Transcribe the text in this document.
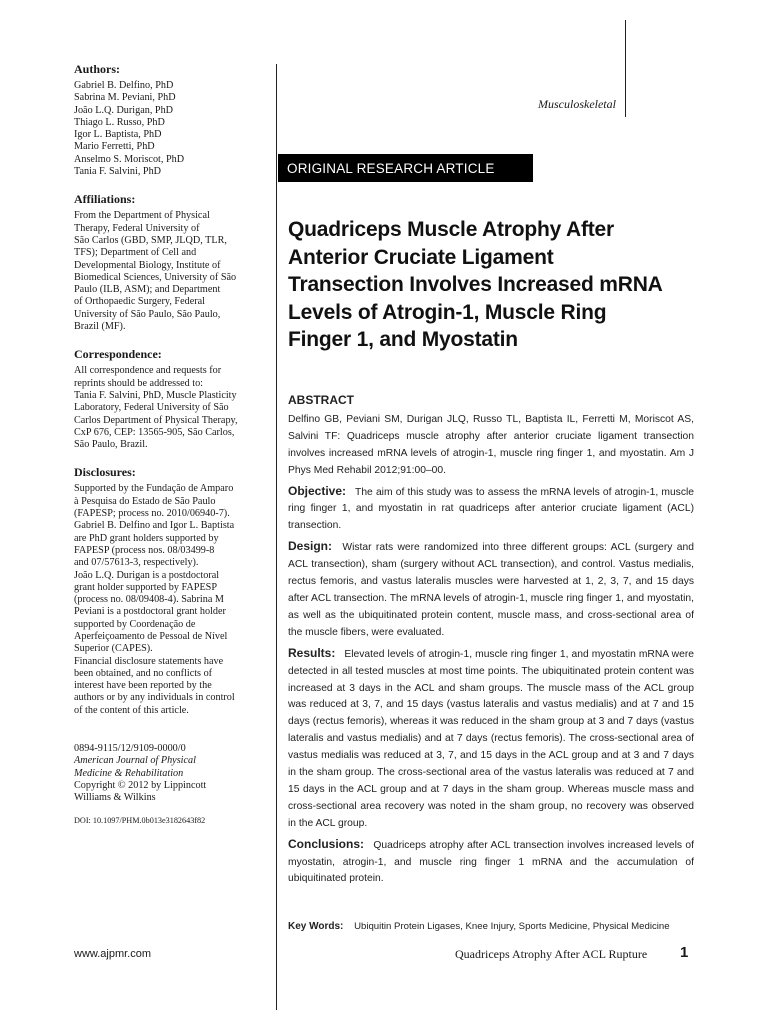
Authors:
Gabriel B. Delfino, PhD
Sabrina M. Peviani, PhD
João L.Q. Durigan, PhD
Thiago L. Russo, PhD
Igor L. Baptista, PhD
Mario Ferretti, PhD
Anselmo S. Moriscot, PhD
Tania F. Salvini, PhD
Affiliations:
From the Department of Physical
Therapy, Federal University of
São Carlos (GBD, SMP, JLQD, TLR,
TFS); Department of Cell and
Developmental Biology, Institute of
Biomedical Sciences, University of São
Paulo (ILB, ASM); and Department
of Orthopaedic Surgery, Federal
University of São Paulo, São Paulo,
Brazil (MF).
Correspondence:
All correspondence and requests for
reprints should be addressed to:
Tania F. Salvini, PhD, Muscle Plasticity
Laboratory, Federal University of São
Carlos Department of Physical Therapy,
CxP 676, CEP: 13565-905, São Carlos,
São Paulo, Brazil.
Disclosures:
Supported by the Fundação de Amparo
à Pesquisa do Estado de São Paulo
(FAPESP; process no. 2010/06940-7).
Gabriel B. Delfino and Igor L. Baptista
are PhD grant holders supported by
FAPESP (process nos. 08/03499-8
and 07/57613-3, respectively).
João L.Q. Durigan is a postdoctoral
grant holder supported by FAPESP
(process no. 08/09408-4). Sabrina M
Peviani is a postdoctoral grant holder
supported by Coordenação de
Aperfeiçoamento de Pessoal de Nível
Superior (CAPES).
Financial disclosure statements have
been obtained, and no conflicts of
interest have been reported by the
authors or by any individuals in control
of the content of this article.
0894-9115/12/9109-0000/0
American Journal of Physical
Medicine & Rehabilitation
Copyright © 2012 by Lippincott
Williams & Wilkins
DOI: 10.1097/PHM.0b013e3182643f82
www.ajpmr.com
Musculoskeletal
ORIGINAL RESEARCH ARTICLE
Quadriceps Muscle Atrophy After
Anterior Cruciate Ligament
Transection Involves Increased mRNA
Levels of Atrogin-1, Muscle Ring
Finger 1, and Myostatin
ABSTRACT

Delfino GB, Peviani SM, Durigan JLQ, Russo TL, Baptista IL, Ferretti M, Moriscot AS, Salvini TF: Quadriceps muscle atrophy after anterior cruciate ligament transection involves increased mRNA levels of atrogin-1, muscle ring finger 1, and myostatin. Am J Phys Med Rehabil 2012;91:00–00.

Objective: The aim of this study was to assess the mRNA levels of atrogin-1, muscle ring finger 1, and myostatin in rat quadriceps after anterior cruciate ligament (ACL) transection.

Design: Wistar rats were randomized into three different groups: ACL (surgery and ACL transection), sham (surgery without ACL transection), and control. Vastus medialis, rectus femoris, and vastus lateralis muscles were harvested at 1, 2, 3, 7, and 15 days after ACL transection. The mRNA levels of atrogin-1, muscle ring finger 1, and myostatin, as well as the ubiquitinated protein content, muscle mass, and cross-sectional area of the muscle fibers, were evaluated.

Results: Elevated levels of atrogin-1, muscle ring finger 1, and myostatin mRNA were detected in all tested muscles at most time points. The ubiquitinated protein content was increased at 3 days in the ACL and sham groups. The muscle mass of the ACL group was reduced at 3, 7, and 15 days (vastus lateralis and vastus medialis) and at 7 and 15 days (rectus femoris), whereas it was reduced in the sham group at 3 and 7 days (vastus lateralis and vastus medialis) and at 7 days (rectus femoris). The cross-sectional area of vastus medialis was reduced at 3, 7, and 15 days in the ACL group and at 3 and 7 days in the sham group. The cross-sectional area of the vastus lateralis was reduced at 7 and 15 days in the ACL group and at 7 days in the sham group. Whereas muscle mass and cross-sectional area recovery was noted in the sham group, no recovery was observed in the ACL group.

Conclusions: Quadriceps atrophy after ACL transection involves increased levels of myostatin, atrogin-1, and muscle ring finger 1 mRNA and the accumulation of ubiquitinated protein.

Key Words: Ubiquitin Protein Ligases, Knee Injury, Sports Medicine, Physical Medicine
Quadriceps Atrophy After ACL Rupture 1
